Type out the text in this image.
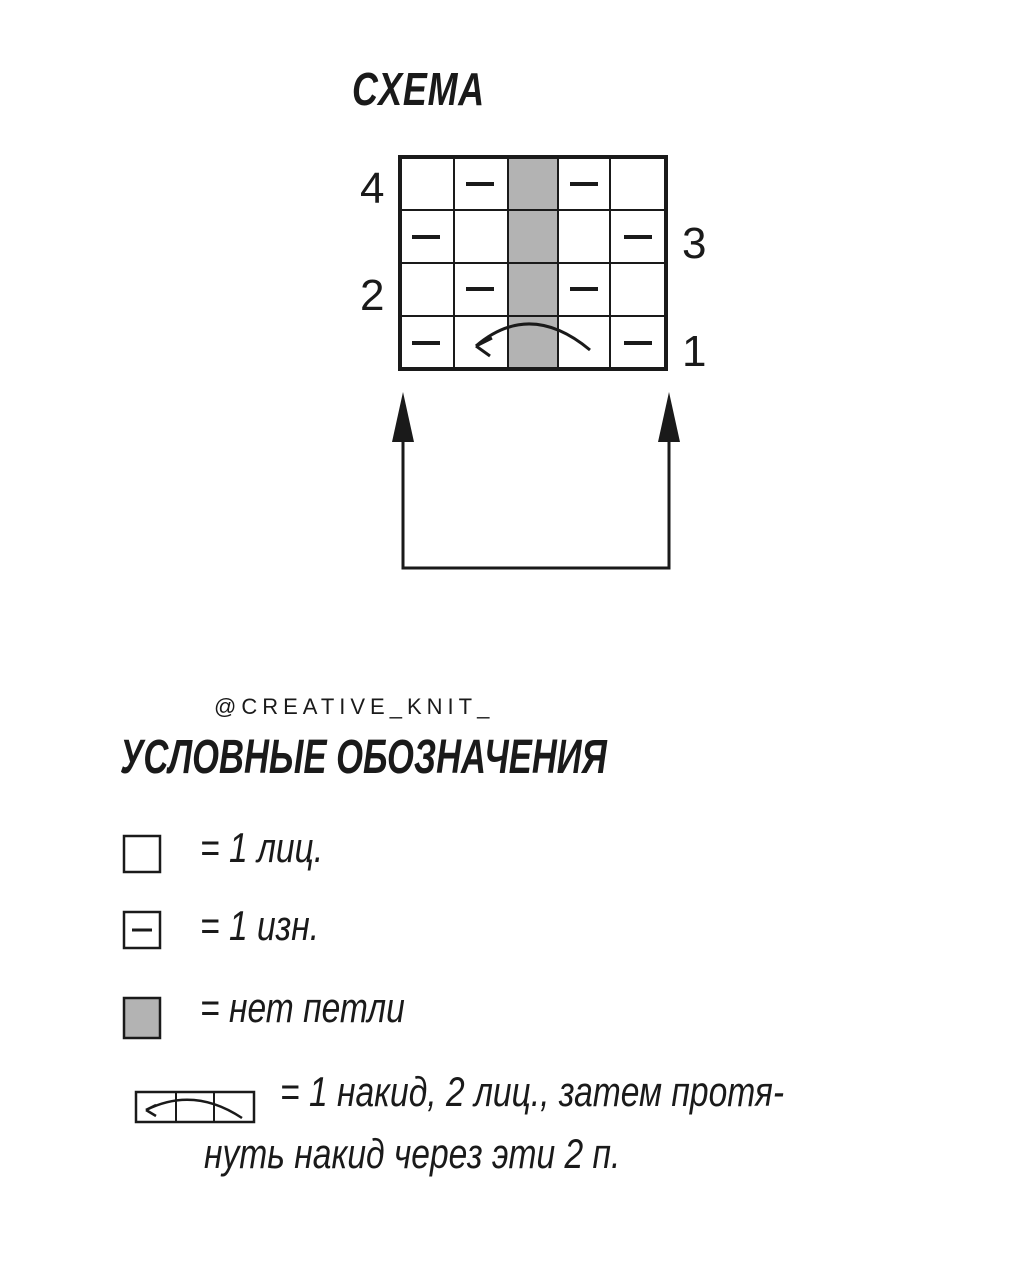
СХЕМА
4
3
2
1

@CREATIVE_KNIT_

УСЛОВНЫЕ ОБОЗНАЧЕНИЯ

= 1 лиц.

= 1 изн.

= нет петли

= 1 накид, 2 лиц., затем протя-

нуть накид через эти 2 п.
